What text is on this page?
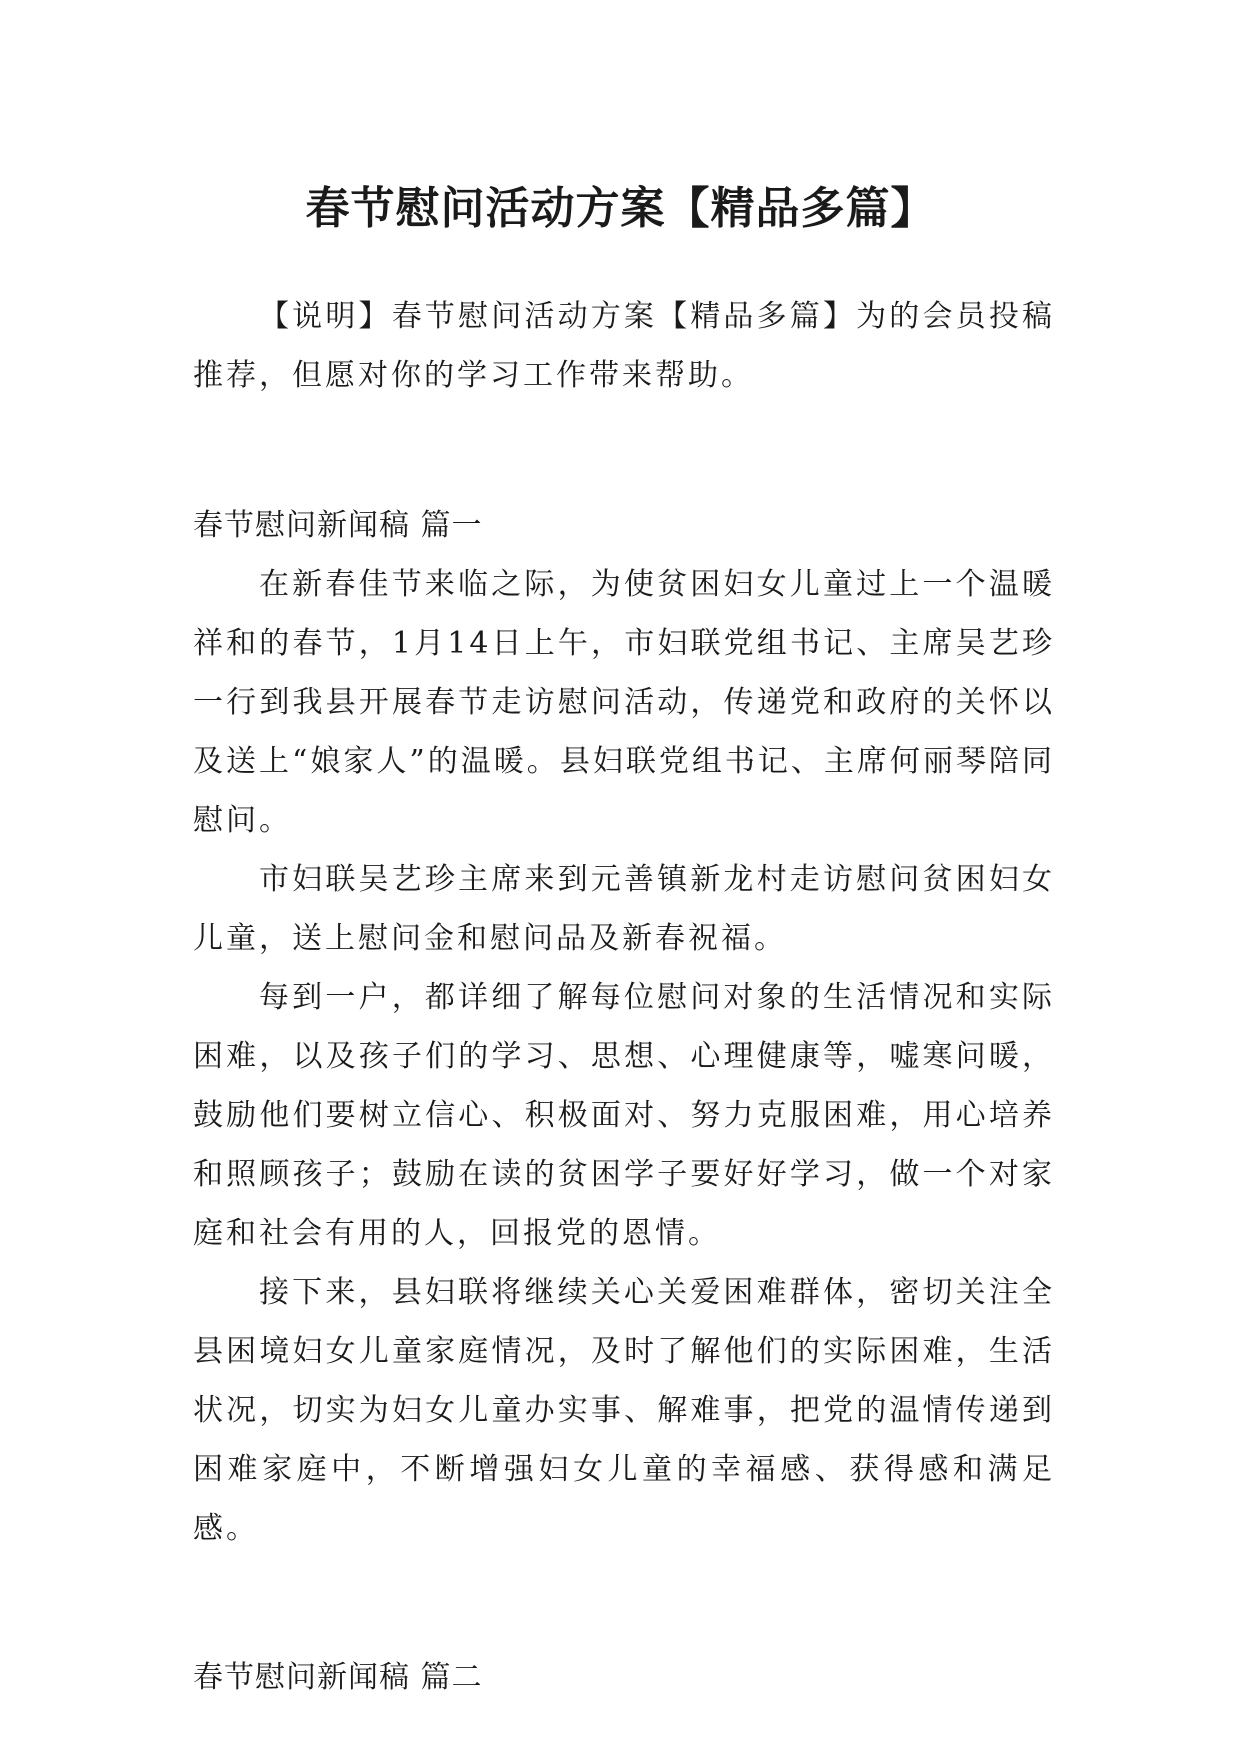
春节慰问活动方案【精品多篇】

【说明】春节慰问活动方案【精品多篇】为的会员投稿推荐，但愿对你的学习工作带来帮助。

春节慰问新闻稿 篇一

在新春佳节来临之际，为使贫困妇女儿童过上一个温暖祥和的春节，1月14日上午，市妇联党组书记、主席吴艺珍一行到我县开展春节走访慰问活动，传递党和政府的关怀以及送上“娘家人”的温暖。县妇联党组书记、主席何丽琴陪同慰问。

市妇联吴艺珍主席来到元善镇新龙村走访慰问贫困妇女儿童，送上慰问金和慰问品及新春祝福。

每到一户，都详细了解每位慰问对象的生活情况和实际困难，以及孩子们的学习、思想、心理健康等，嘘寒问暖，鼓励他们要树立信心、积极面对、努力克服困难，用心培养和照顾孩子；鼓励在读的贫困学子要好好学习，做一个对家庭和社会有用的人，回报党的恩情。

接下来，县妇联将继续关心关爱困难群体，密切关注全县困境妇女儿童家庭情况，及时了解他们的实际困难，生活状况，切实为妇女儿童办实事、解难事，把党的温情传递到困难家庭中，不断增强妇女儿童的幸福感、获得感和满足感。

春节慰问新闻稿 篇二
